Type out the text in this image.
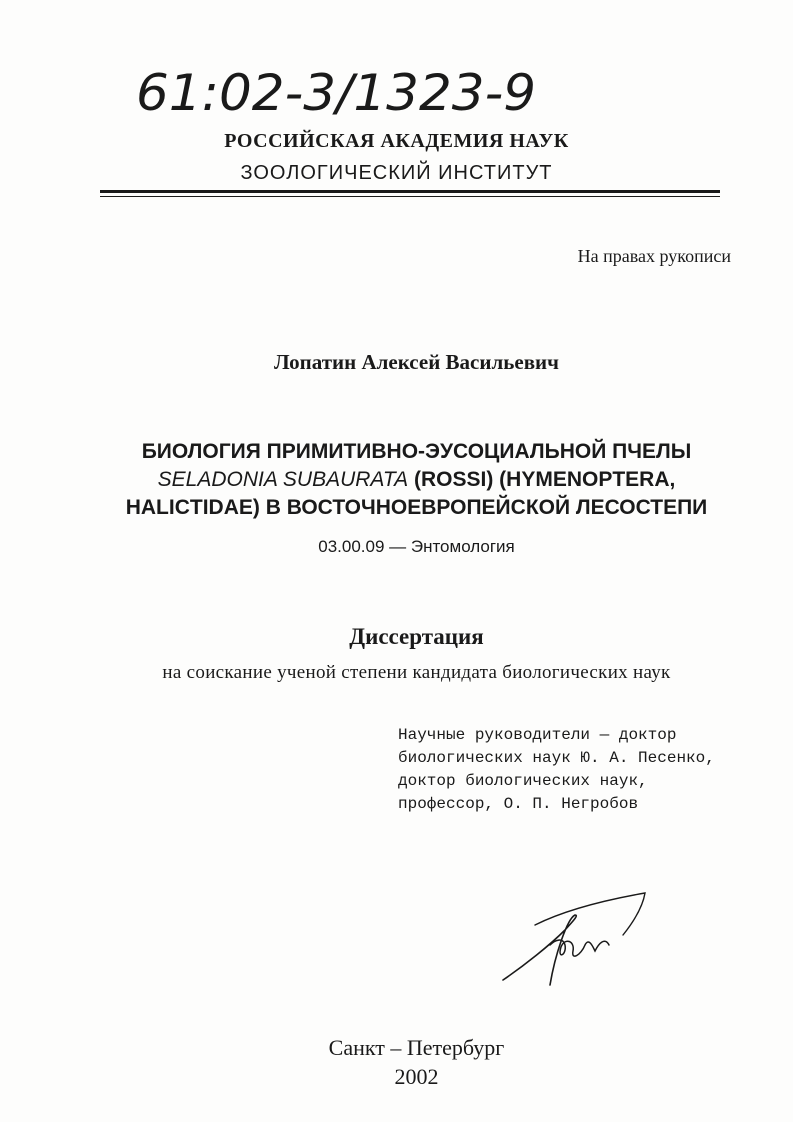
61:02-3/1323-9
РОССИЙСКАЯ АКАДЕМИЯ НАУК
ЗООЛОГИЧЕСКИЙ ИНСТИТУТ
На правах рукописи
Лопатин Алексей Васильевич
БИОЛОГИЯ ПРИМИТИВНО-ЭУСОЦИАЛЬНОЙ ПЧЕЛЫ
SELADONIA SUBAURATA (ROSSI) (HYMENOPTERA,
HALICTIDAE) В ВОСТОЧНОЕВРОПЕЙСКОЙ ЛЕСОСТЕПИ
03.00.09 — Энтомология
Диссертация
на соискание ученой степени кандидата биологических наук
Научные руководители — доктор
биологических наук Ю. А. Песенко,
доктор биологических наук,
профессор, О. П. Негробов
Санкт – Петербург
2002
